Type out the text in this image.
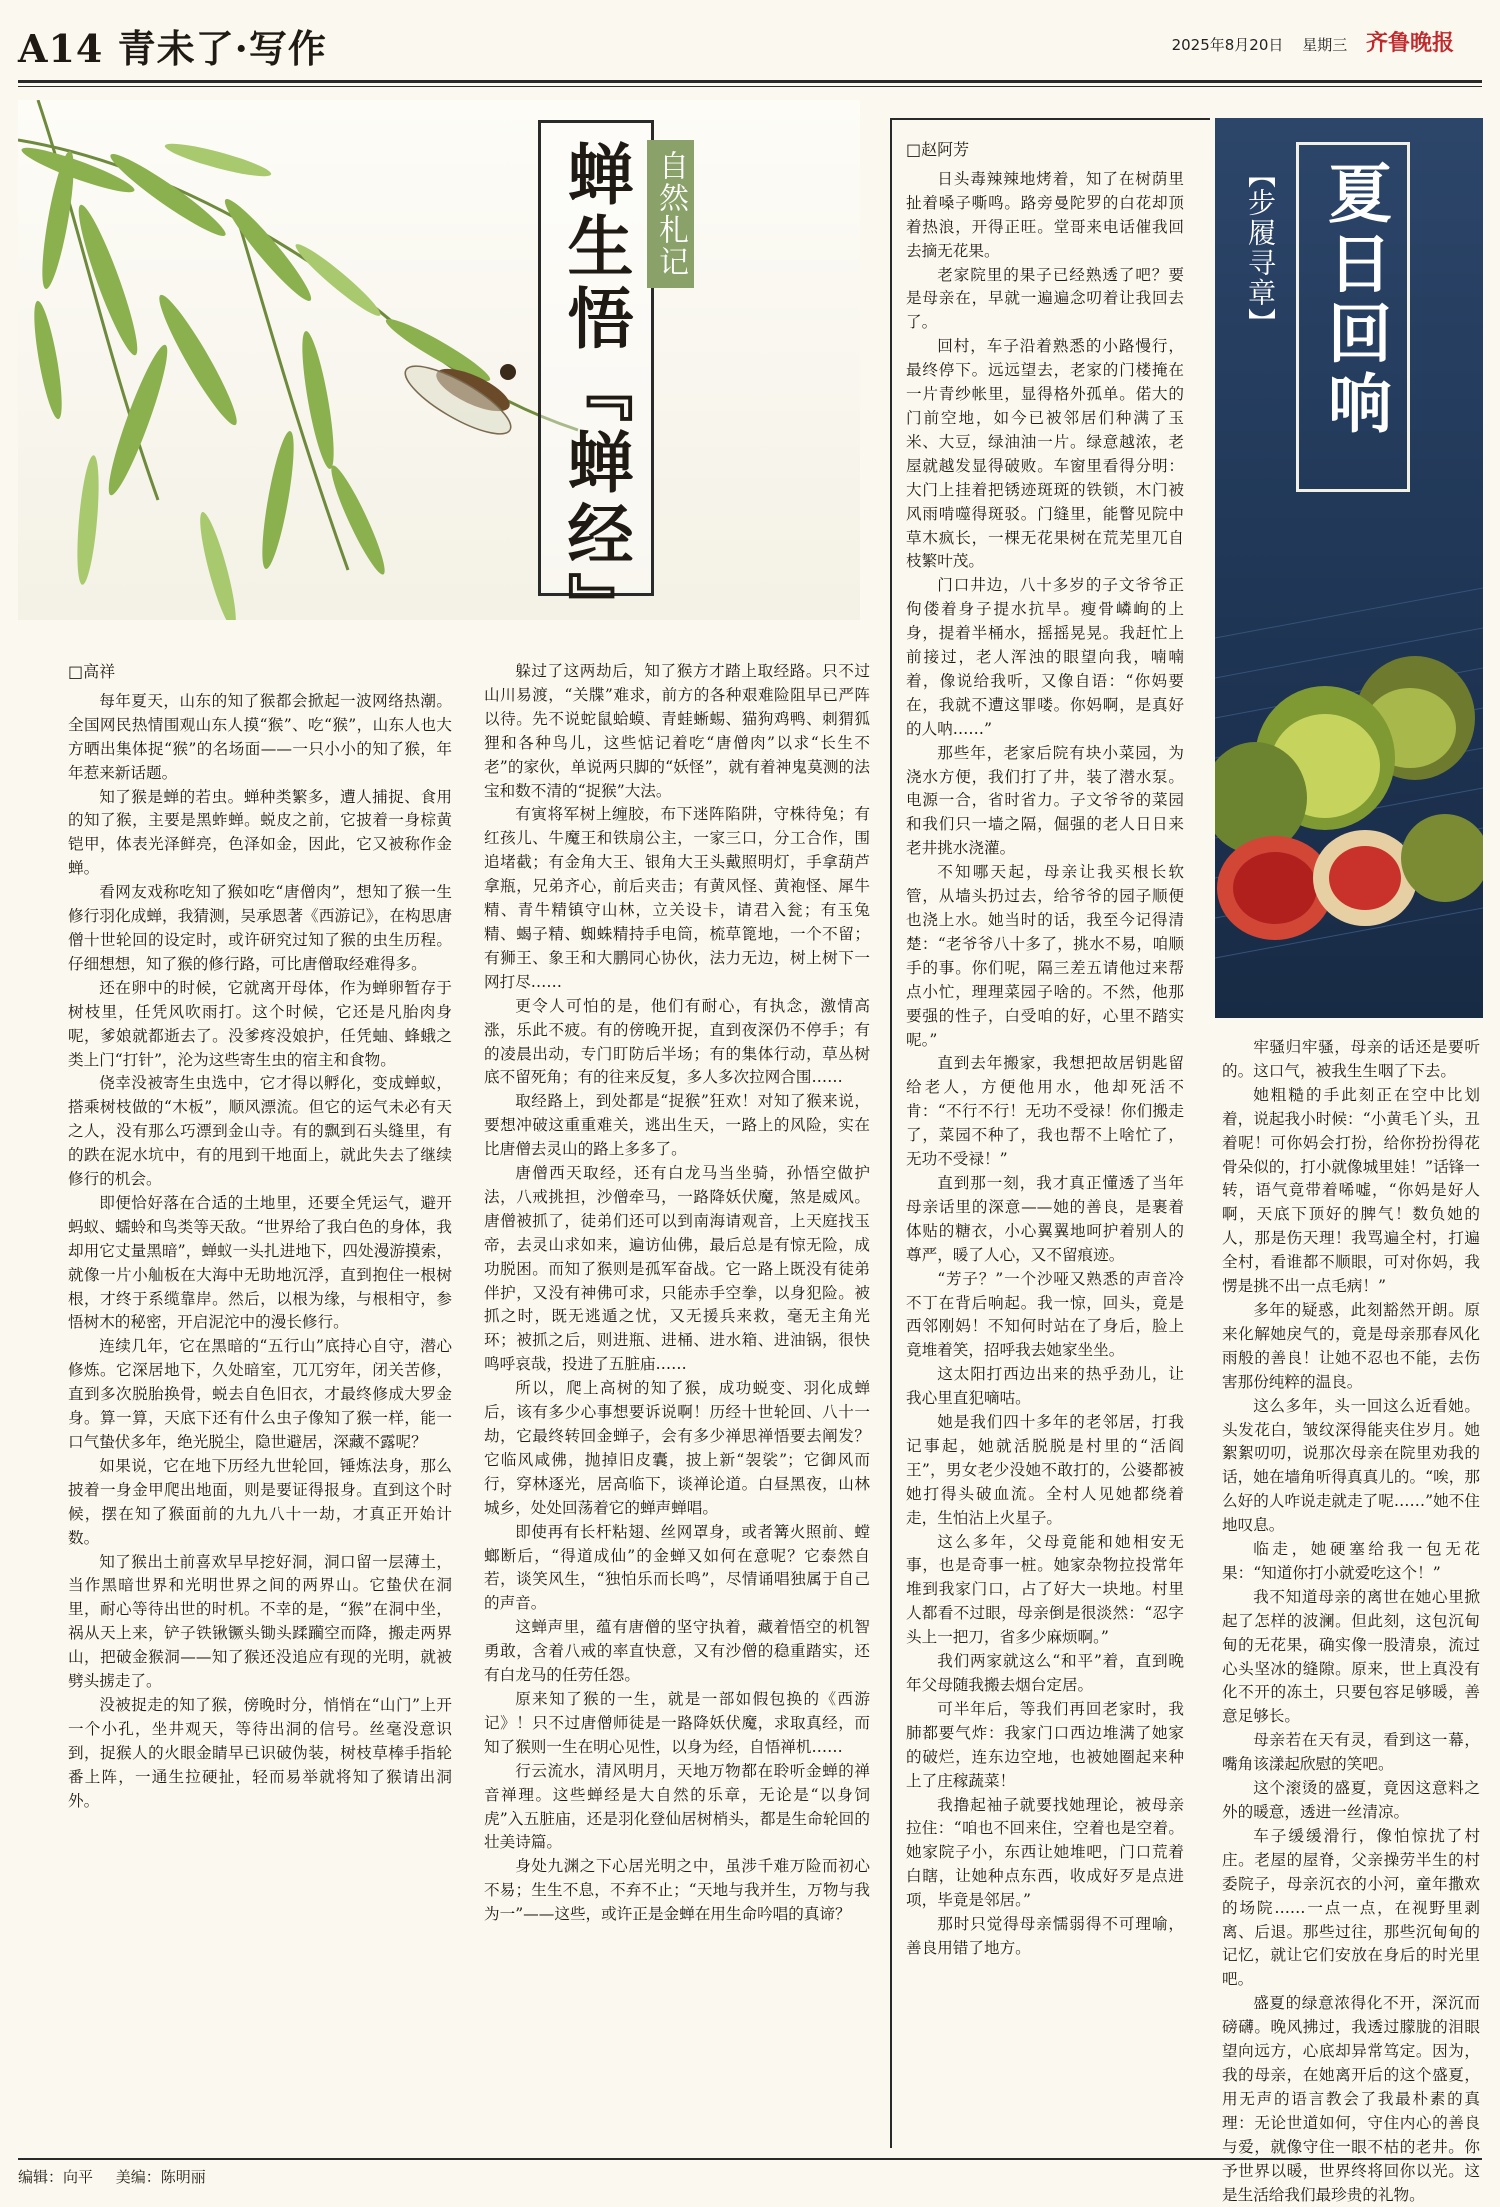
A14 青未了·写作	2025年8月20日 星期三 齐鲁晚报
蝉生悟『蝉经』 自然札记

□高祥

每年夏天，山东的知了猴都会掀起一波网络热潮。全国网民热情围观山东人摸“猴”、吃“猴”，山东人也大方晒出集体捉“猴”的名场面——一只小小的知了猴，年年惹来新话题。

知了猴是蝉的若虫。蝉种类繁多，遭人捕捉、食用的知了猴，主要是黑蚱蝉。蜕皮之前，它披着一身棕黄铠甲，体表光泽鲜亮，色泽如金，因此，它又被称作金蝉。

看网友戏称吃知了猴如吃“唐僧肉”，想知了猴一生修行羽化成蝉，我猜测，吴承恩著《西游记》，在构思唐僧十世轮回的设定时，或许研究过知了猴的虫生历程。仔细想想，知了猴的修行路，可比唐僧取经难得多。

还在卵中的时候，它就离开母体，作为蝉卵暂存于树枝里，任凭风吹雨打。这个时候，它还是凡胎肉身呢，爹娘就都逝去了。没爹疼没娘护，任凭蚰、蜂蛾之类上门“打针”，沦为这些寄生虫的宿主和食物。

侥幸没被寄生虫选中，它才得以孵化，变成蝉蚁，搭乘树枝做的“木板”，顺风漂流。但它的运气未必有天之人，没有那么巧漂到金山寺。有的飘到石头缝里，有的跌在泥水坑中，有的甩到干地面上，就此失去了继续修行的机会。

即便恰好落在合适的土地里，还要全凭运气，避开蚂蚁、蠕蛉和鸟类等天敌。“世界给了我白色的身体，我却用它丈量黑暗”，蝉蚁一头扎进地下，四处漫游摸索，就像一片小舢板在大海中无助地沉浮，直到抱住一根树根，才终于系缆靠岸。然后，以根为缘，与根相守，参悟树木的秘密，开启泥沱中的漫长修行。

连续几年，它在黑暗的“五行山”底持心自守，潜心修炼。它深居地下，久处暗室，兀兀穷年，闭关苦修，直到多次脱胎换骨，蜕去自色旧衣，才最终修成大罗金身。算一算，天底下还有什么虫子像知了猴一样，能一口气蛰伏多年，绝光脱尘，隐世避居，深藏不露呢？

如果说，它在地下历经九世轮回，锤炼法身，那么披着一身金甲爬出地面，则是要证得报身。直到这个时候，摆在知了猴面前的九九八十一劫，才真正开始计数。

知了猴出土前喜欢早早挖好洞，洞口留一层薄土，当作黑暗世界和光明世界之间的两界山。它蛰伏在洞里，耐心等待出世的时机。不幸的是，“猴”在洞中坐，祸从天上来，铲子铁锹镢头锄头蹂躏空而降，搬走两界山，把破金猴洞——知了猴还没追应有现的光明，就被劈头掳走了。

没被捉走的知了猴，傍晚时分，悄悄在“山门”上开一个小孔，坐井观天，等待出洞的信号。丝毫没意识到，捉猴人的火眼金睛早已识破伪装，树枝草棒手指轮番上阵，一通生拉硬扯，轻而易举就将知了猴请出洞外。

躲过了这两劫后，知了猴方才踏上取经路。只不过山川易渡，“关牒”难求，前方的各种艰难险阻早已严阵以待。先不说蛇鼠蛤蟆、青蛙蜥蜴、猫狗鸡鸭、刺猬狐狸和各种鸟儿，这些惦记着吃“唐僧肉”以求“长生不老”的家伙，单说两只脚的“妖怪”，就有着神鬼莫测的法宝和数不清的“捉猴”大法。

有寅将军树上缠胶，布下迷阵陷阱，守株待兔；有红孩儿、牛魔王和铁扇公主，一家三口，分工合作，围追堵截；有金角大王、银角大王头戴照明灯，手拿葫芦拿瓶，兄弟齐心，前后夹击；有黄风怪、黄袍怪、犀牛精、青牛精镇守山林，立关设卡，请君入瓮；有玉兔精、蝎子精、蜘蛛精持手电筒，梳草篦地，一个不留；有狮王、象王和大鹏同心协伙，法力无边，树上树下一网打尽……

更令人可怕的是，他们有耐心，有执念，激情高涨，乐此不疲。有的傍晚开捉，直到夜深仍不停手；有的凌晨出动，专门盯防后半场；有的集体行动，草丛树底不留死角；有的往来反复，多人多次拉网合围……

取经路上，到处都是“捉猴”狂欢！对知了猴来说，要想冲破这重重难关，逃出生天，一路上的风险，实在比唐僧去灵山的路上多多了。

唐僧西天取经，还有白龙马当坐骑，孙悟空做护法，八戒挑担，沙僧牵马，一路降妖伏魔，煞是威风。唐僧被抓了，徒弟们还可以到南海请观音，上天庭找玉帝，去灵山求如来，遍访仙佛，最后总是有惊无险，成功脱困。而知了猴则是孤军奋战。它一路上既没有徒弟伴护，又没有神佛可求，只能赤手空拳，以身犯险。被抓之时，既无逃遁之忧，又无援兵来救，毫无主角光环；被抓之后，则进瓶、进桶、进水箱、进油锅，很快鸣呼哀哉，投进了五脏庙……

所以，爬上高树的知了猴，成功蜕变、羽化成蝉后，该有多少心事想要诉说啊！历经十世轮回、八十一劫，它最终转回金蝉子，会有多少禅思禅悟要去阐发？它临风咸佛，抛掉旧皮囊，披上新“袈裟”；它御风而行，穿林逐光，居高临下，谈禅论道。白昼黑夜，山林城乡，处处回荡着它的蝉声蝉唱。

即使再有长杆粘翅、丝网罩身，或者篝火照前、螳螂断后，“得道成仙”的金蝉又如何在意呢？它泰然自若，谈笑风生，“独怕乐而长鸣”，尽情诵唱独属于自己的声音。

这蝉声里，蕴有唐僧的坚守执着，藏着悟空的机智勇敢，含着八戒的率直快意，又有沙僧的稳重踏实，还有白龙马的任劳任怨。

原来知了猴的一生，就是一部如假包换的《西游记》！只不过唐僧师徒是一路降妖伏魔，求取真经，而知了猴则一生在明心见性，以身为经，自悟禅机……

行云流水，清风明月，天地万物都在聆听金蝉的禅音禅理。这些蝉经是大自然的乐章，无论是“以身饲虎”入五脏庙，还是羽化登仙居树梢头，都是生命轮回的壮美诗篇。

身处九渊之下心居光明之中，虽涉千难万险而初心不易；生生不息，不弃不止；“天地与我并生，万物与我为一”——这些，或许正是金蝉在用生命吟唱的真谛？

夏日回响
【步履寻章】

□赵阿芳

日头毒辣辣地烤着，知了在树荫里扯着嗓子嘶鸣。路旁曼陀罗的白花却顶着热浪，开得正旺。堂哥来电话催我回去摘无花果。

老家院里的果子已经熟透了吧？要是母亲在，早就一遍遍念叨着让我回去了。

回村，车子沿着熟悉的小路慢行，最终停下。远远望去，老家的门楼掩在一片青纱帐里，显得格外孤单。偌大的门前空地，如今已被邻居们种满了玉米、大豆，绿油油一片。绿意越浓，老屋就越发显得破败。车窗里看得分明：大门上挂着把锈迹斑斑的铁锁，木门被风雨啃噬得斑驳。门缝里，能瞥见院中草木疯长，一棵无花果树在荒芜里兀自枝繁叶茂。

门口井边，八十多岁的子文爷爷正佝偻着身子提水抗旱。瘦骨嶙峋的上身，提着半桶水，摇摇晃晃。我赶忙上前接过，老人浑浊的眼望向我，喃喃着，像说给我听，又像自语：“你妈要在，我就不遭这罪喽。你妈啊，是真好的人呐……”

那些年，老家后院有块小菜园，为浇水方便，我们打了井，装了潜水泵。电源一合，省时省力。子文爷爷的菜园和我们只一墙之隔，倔强的老人日日来老井挑水浇灌。

不知哪天起，母亲让我买根长软管，从墙头扔过去，给爷爷的园子顺便也浇上水。她当时的话，我至今记得清楚：“老爷爷八十多了，挑水不易，咱顺手的事。你们呢，隔三差五请他过来帮点小忙，理理菜园子啥的。不然，他那要强的性子，白受咱的好，心里不踏实呢。”

直到去年搬家，我想把故居钥匙留给老人，方便他用水，他却死活不肯：“不行不行！无功不受禄！你们搬走了，菜园不种了，我也帮不上啥忙了，无功不受禄！”

直到那一刻，我才真正懂透了当年母亲话里的深意——她的善良，是裹着体贴的糖衣，小心翼翼地呵护着别人的尊严，暖了人心，又不留痕迹。

“芳子？”一个沙哑又熟悉的声音冷不丁在背后响起。我一惊，回头，竟是西邻刚妈！不知何时站在了身后，脸上竟堆着笑，招呼我去她家坐坐。

这太阳打西边出来的热乎劲儿，让我心里直犯嘀咕。

她是我们四十多年的老邻居，打我记事起，她就活脱脱是村里的“活阎王”，男女老少没她不敢打的，公婆都被她打得头破血流。全村人见她都绕着走，生怕沾上火星子。

这么多年，父母竟能和她相安无事，也是奇事一桩。她家杂物拉投常年堆到我家门口，占了好大一块地。村里人都看不过眼，母亲倒是很淡然：“忍字头上一把刀，省多少麻烦啊。”

我们两家就这么“和平”着，直到晚年父母随我搬去烟台定居。

可半年后，等我们再回老家时，我肺都要气炸：我家门口西边堆满了她家的破烂，连东边空地，也被她圈起来种上了庄稼蔬菜！

我撸起袖子就要找她理论，被母亲拉住：“咱也不回来住，空着也是空着。她家院子小，东西让她堆吧，门口荒着白瞎，让她种点东西，收成好歹是点进项，毕竟是邻居。”

那时只觉得母亲懦弱得不可理喻，善良用错了地方。

牢骚归牢骚，母亲的话还是要听的。这口气，被我生生咽了下去。

她粗糙的手此刻正在空中比划着，说起我小时候：“小黄毛丫头，丑着呢！可你妈会打扮，给你扮扮得花骨朵似的，打小就像城里娃！”话锋一转，语气竟带着唏嘘，“你妈是好人啊，天底下顶好的脾气！数负她的人，那是伤天理！我骂遍全村，打遍全村，看谁都不顺眼，可对你妈，我愣是挑不出一点毛病！”

多年的疑惑，此刻豁然开朗。原来化解她戾气的，竟是母亲那春风化雨般的善良！让她不忍也不能，去伤害那份纯粹的温良。

这么多年，头一回这么近看她。头发花白，皱纹深得能夹住岁月。她絮絮叨叨，说那次母亲在院里劝我的话，她在墙角听得真真儿的。“唉，那么好的人咋说走就走了呢……”她不住地叹息。

临走，她硬塞给我一包无花果：“知道你打小就爱吃这个！”

我不知道母亲的离世在她心里掀起了怎样的波澜。但此刻，这包沉甸甸的无花果，确实像一股清泉，流过心头坚冰的缝隙。原来，世上真没有化不开的冻土，只要包容足够暖，善意足够长。

母亲若在天有灵，看到这一幕，嘴角该漾起欣慰的笑吧。

这个滚烫的盛夏，竟因这意料之外的暖意，透进一丝清凉。

车子缓缓滑行，像怕惊扰了村庄。老屋的屋脊，父亲操劳半生的村委院子，母亲沉衣的小河，童年撒欢的场院……一点一点，在视野里剥离、后退。那些过往，那些沉甸甸的记忆，就让它们安放在身后的时光里吧。

盛夏的绿意浓得化不开，深沉而磅礴。晚风拂过，我透过朦胧的泪眼望向远方，心底却异常笃定。因为，我的母亲，在她离开后的这个盛夏，用无声的语言教会了我最朴素的真理：无论世道如何，守住内心的善良与爱，就像守住一眼不枯的老井。你予世界以暖，世界终将回你以光。这是生活给我们最珍贵的礼物。

编辑：向平 美编：陈明丽
